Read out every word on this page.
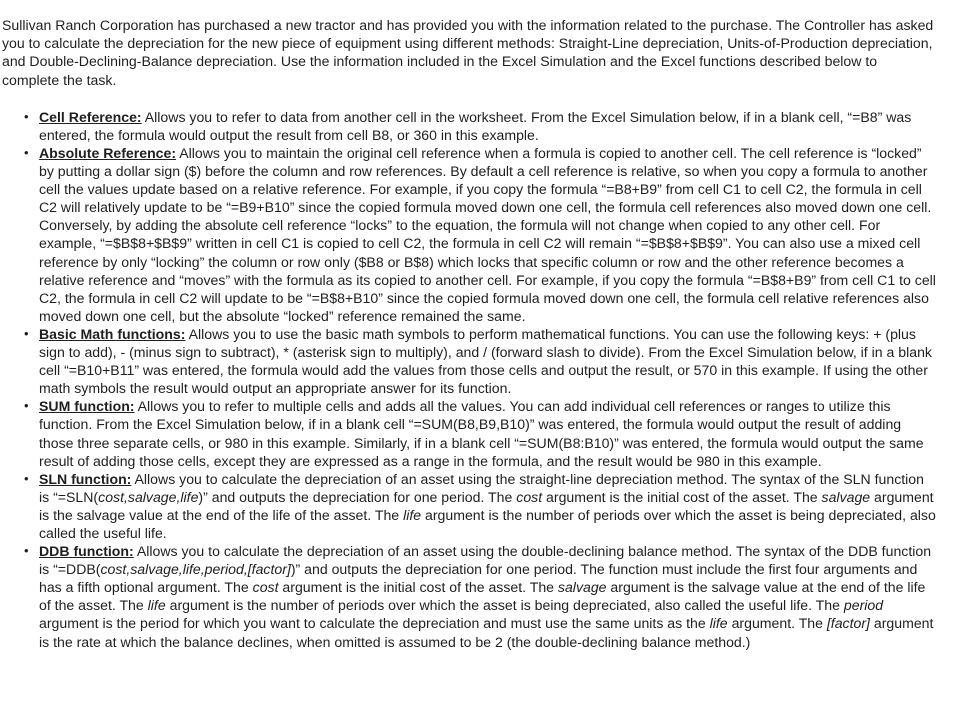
Sullivan Ranch Corporation has purchased a new tractor and has provided you with the information related to the purchase. The Controller has asked you to calculate the depreciation for the new piece of equipment using different methods: Straight-Line depreciation, Units-of-Production depreciation, and Double-Declining-Balance depreciation. Use the information included in the Excel Simulation and the Excel functions described below to complete the task.

• Cell Reference: Allows you to refer to data from another cell in the worksheet. From the Excel Simulation below, if in a blank cell, “=B8” was entered, the formula would output the result from cell B8, or 360 in this example.
• Absolute Reference: Allows you to maintain the original cell reference when a formula is copied to another cell. The cell reference is “locked” by putting a dollar sign ($) before the column and row references. By default a cell reference is relative, so when you copy a formula to another cell the values update based on a relative reference. For example, if you copy the formula “=B8+B9” from cell C1 to cell C2, the formula in cell C2 will relatively update to be “=B9+B10” since the copied formula moved down one cell, the formula cell references also moved down one cell. Conversely, by adding the absolute cell reference “locks” to the equation, the formula will not change when copied to any other cell. For example, “=$B$8+$B$9” written in cell C1 is copied to cell C2, the formula in cell C2 will remain “=$B$8+$B$9”. You can also use a mixed cell reference by only “locking” the column or row only ($B8 or B$8) which locks that specific column or row and the other reference becomes a relative reference and “moves” with the formula as its copied to another cell. For example, if you copy the formula “=B$8+B9” from cell C1 to cell C2, the formula in cell C2 will update to be “=B$8+B10” since the copied formula moved down one cell, the formula cell relative references also moved down one cell, but the absolute “locked” reference remained the same.
• Basic Math functions: Allows you to use the basic math symbols to perform mathematical functions. You can use the following keys: + (plus sign to add), - (minus sign to subtract), * (asterisk sign to multiply), and / (forward slash to divide). From the Excel Simulation below, if in a blank cell “=B10+B11” was entered, the formula would add the values from those cells and output the result, or 570 in this example. If using the other math symbols the result would output an appropriate answer for its function.
• SUM function: Allows you to refer to multiple cells and adds all the values. You can add individual cell references or ranges to utilize this function. From the Excel Simulation below, if in a blank cell “=SUM(B8,B9,B10)” was entered, the formula would output the result of adding those three separate cells, or 980 in this example. Similarly, if in a blank cell “=SUM(B8:B10)” was entered, the formula would output the same result of adding those cells, except they are expressed as a range in the formula, and the result would be 980 in this example.
• SLN function: Allows you to calculate the depreciation of an asset using the straight-line depreciation method. The syntax of the SLN function is “=SLN(cost,salvage,life)” and outputs the depreciation for one period. The cost argument is the initial cost of the asset. The salvage argument is the salvage value at the end of the life of the asset. The life argument is the number of periods over which the asset is being depreciated, also called the useful life.
• DDB function: Allows you to calculate the depreciation of an asset using the double-declining balance method. The syntax of the DDB function is “=DDB(cost,salvage,life,period,[factor])” and outputs the depreciation for one period. The function must include the first four arguments and has a fifth optional argument. The cost argument is the initial cost of the asset. The salvage argument is the salvage value at the end of the life of the asset. The life argument is the number of periods over which the asset is being depreciated, also called the useful life. The period argument is the period for which you want to calculate the depreciation and must use the same units as the life argument. The [factor] argument is the rate at which the balance declines, when omitted is assumed to be 2 (the double-declining balance method.)
